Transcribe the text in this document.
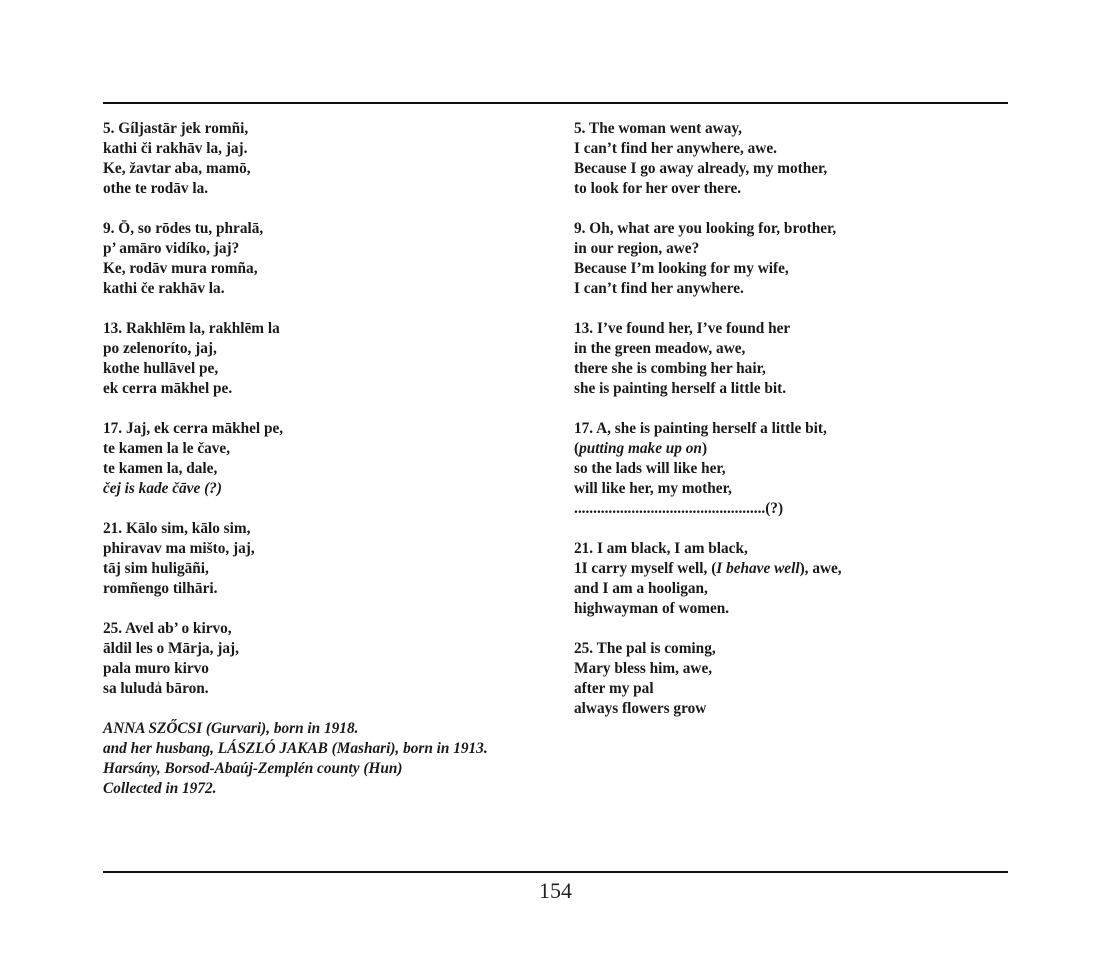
5. Gíljastār jek romñi,
kathi či rakhāv la, jaj.
Ke, žavtar aba, mamō,
othe te rodāv la.
9. Ō, so rōdes tu, phralā,
p’ amāro vidíko, jaj?
Ke, rodāv mura romña,
kathi če rakhāv la.
13. Rakhlēm la, rakhlēm la
po zelenoríto, jaj,
kothe hullāvel pe,
ek cerra mākhel pe.
17. Jaj, ek cerra mākhel pe,
te kamen la le čave,
te kamen la, dale,
čej is kade čāve (?)
21. Kālo sim, kālo sim,
phiravav ma mišto, jaj,
tāj sim huligāñi,
romñengo tilhāri.
25. Avel ab’ o kirvo,
āldil les o Mārja, jaj,
pala muro kirvo
sa luludẚ bāron.
ANNA SZŐCSI (Gurvari), born in 1918.
and her husbang, LÁSZLÓ JAKAB (Mashari), born in 1913.
Harsány, Borsod-Abaúj-Zemplén county (Hun)
Collected in 1972.
5. The woman went away,
I can’t find her anywhere, awe.
Because I go away already, my mother,
to look for her over there.
9. Oh, what are you looking for, brother,
in our region, awe?
Because I’m looking for my wife,
I can’t find her anywhere.
13. I’ve found her, I’ve found her
in the green meadow, awe,
there she is combing her hair,
she is painting herself a little bit.
17. A, she is painting herself a little bit,
(putting make up on)
so the lads will like her,
will like her, my mother,
..................................................(?)
21. I am black, I am black,
1I carry myself well, (I behave well), awe,
and I am a hooligan,
highwayman of women.
25. The pal is coming,
Mary bless him, awe,
after my pal
always flowers grow
154
